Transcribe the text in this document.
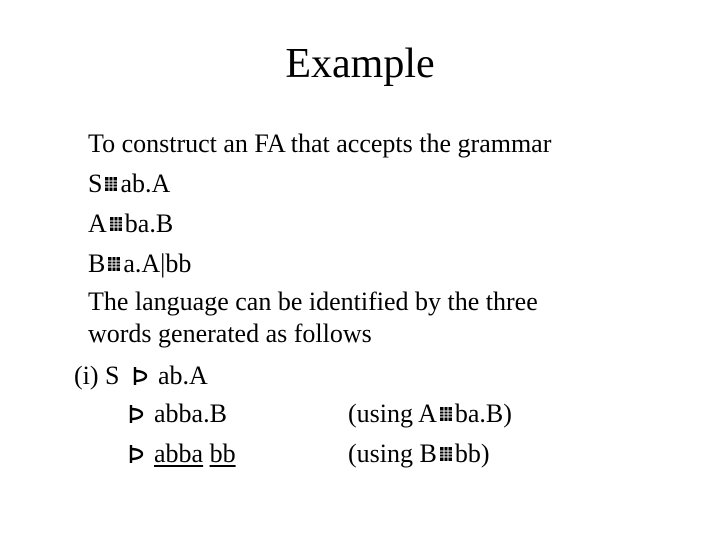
Example
To construct an FA that accepts the grammar
S ab.A
A ba.B
B a.A|bb
The language can be identified by the three
words generated as follows
(i) S ab.A
abba.B	(using A ba.B)
abba bb	(using B bb)
